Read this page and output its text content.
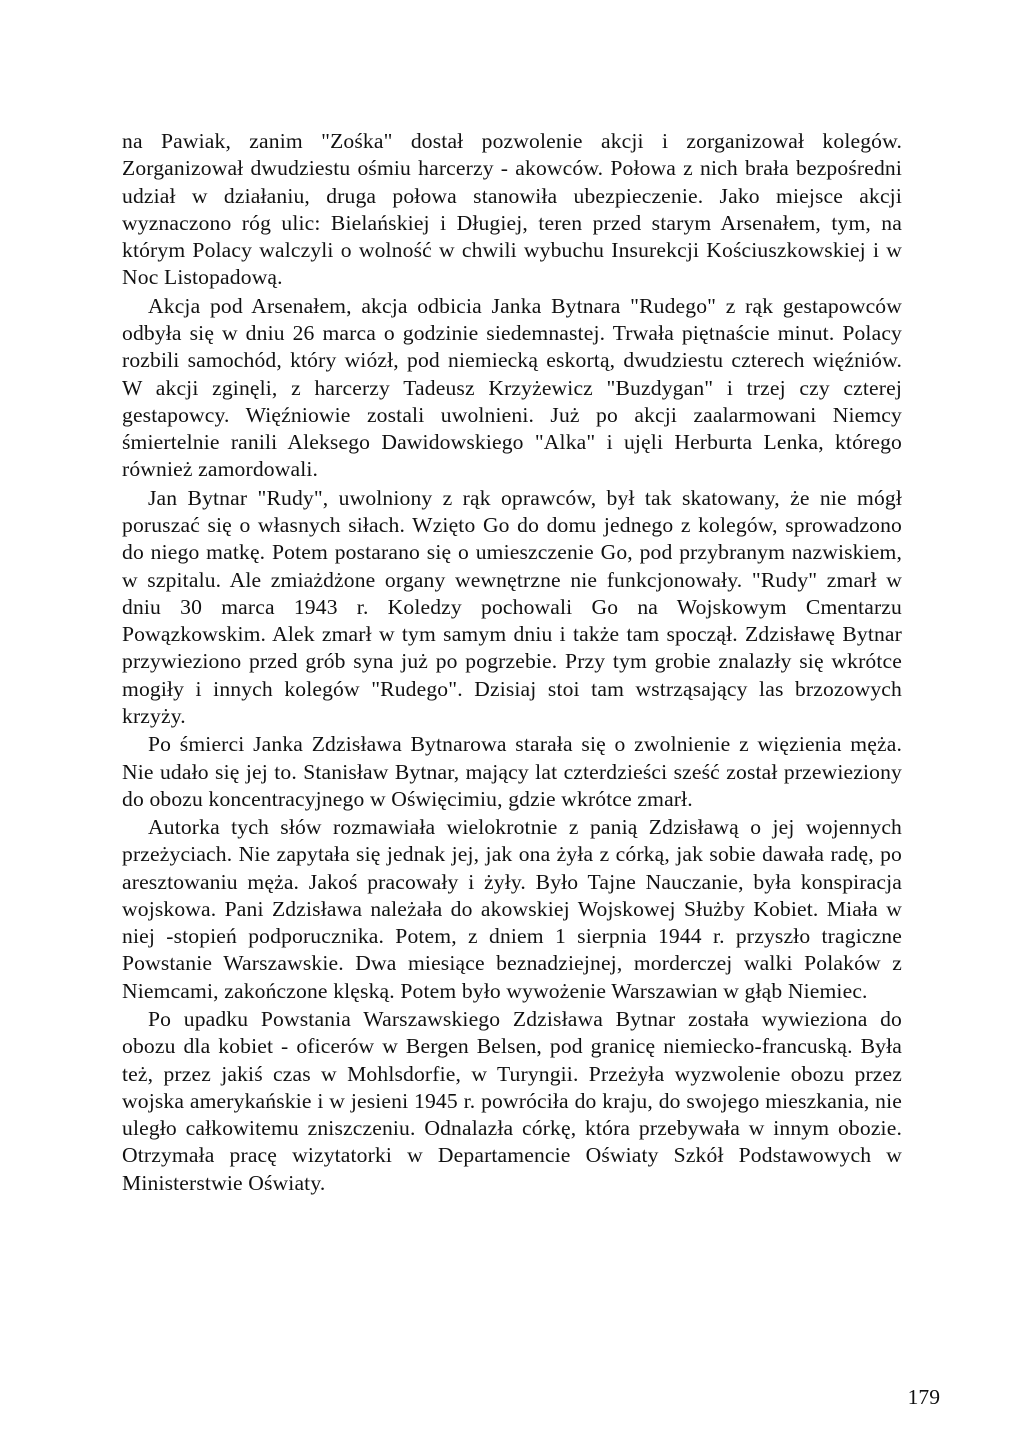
na Pawiak, zanim "Zośka" dostał pozwolenie akcji i zorganizował kolegów. Zorganizował dwudziestu ośmiu harcerzy - akowców. Połowa z nich brała bezpośredni udział w działaniu, druga połowa stanowiła ubezpieczenie. Jako miejsce akcji wyznaczono róg ulic: Bielańskiej i Długiej, teren przed starym Arsenałem, tym, na którym Polacy walczyli o wolność w chwili wybuchu Insurekcji Kościuszkowskiej i w Noc Listopadową.

Akcja pod Arsenałem, akcja odbicia Janka Bytnara "Rudego" z rąk gestapowców odbyła się w dniu 26 marca o godzinie siedemnastej. Trwała piętnaście minut. Polacy rozbili samochód, który wiózł, pod niemiecką eskortą, dwudziestu czterech więźniów. W akcji zginęli, z harcerzy Tadeusz Krzyżewicz "Buzdygan" i trzej czy czterej gestapowcy. Więźniowie zostali uwolnieni. Już po akcji zaalarmowani Niemcy śmiertelnie ranili Aleksego Dawidowskiego "Alka" i ujęli Herburta Lenka, którego również zamordowali.

Jan Bytnar "Rudy", uwolniony z rąk oprawców, był tak skatowany, że nie mógł poruszać się o własnych siłach. Wzięto Go do domu jednego z kolegów, sprowadzono do niego matkę. Potem postarano się o umieszczenie Go, pod przybranym nazwiskiem, w szpitalu. Ale zmiażdżone organy wewnętrzne nie funkcjonowały. "Rudy" zmarł w dniu 30 marca 1943 r. Koledzy pochowali Go na Wojskowym Cmentarzu Powązkowskim. Alek zmarł w tym samym dniu i także tam spoczął. Zdzisławę Bytnar przywieziono przed grób syna już po pogrzebie. Przy tym grobie znalazły się wkrótce mogiły i innych kolegów "Rudego". Dzisiaj stoi tam wstrząsający las brzozowych krzyży.

Po śmierci Janka Zdzisława Bytnarowa starała się o zwolnienie z więzienia męża. Nie udało się jej to. Stanisław Bytnar, mający lat czterdzieści sześć został przewieziony do obozu koncentracyjnego w Oświęcimiu, gdzie wkrótce zmarł.

Autorka tych słów rozmawiała wielokrotnie z panią Zdzisławą o jej wojennych przeżyciach. Nie zapytała się jednak jej, jak ona żyła z córką, jak sobie dawała radę, po aresztowaniu męża. Jakoś pracowały i żyły. Było Tajne Nauczanie, była konspiracja wojskowa. Pani Zdzisława należała do akowskiej Wojskowej Służby Kobiet. Miała w niej -stopień podporucznika. Potem, z dniem 1 sierpnia 1944 r. przyszło tragiczne Powstanie Warszawskie. Dwa miesiące beznadziejnej, morderczej walki Polaków z Niemcami, zakończone klęską. Potem było wywożenie Warszawian w głąb Niemiec.

Po upadku Powstania Warszawskiego Zdzisława Bytnar została wywieziona do obozu dla kobiet - oficerów w Bergen Belsen, pod granicę niemiecko-francuską. Była też, przez jakiś czas w Mohlsdorfie, w Turyngii. Przeżyła wyzwolenie obozu przez wojska amerykańskie i w jesieni 1945 r. powróciła do kraju, do swojego mieszkania, nie uległo całkowitemu zniszczeniu. Odnalazła córkę, która przebywała w innym obozie. Otrzymała pracę wizytatorki w Departamencie Oświaty Szkół Podstawowych w Ministerstwie Oświaty.

179
